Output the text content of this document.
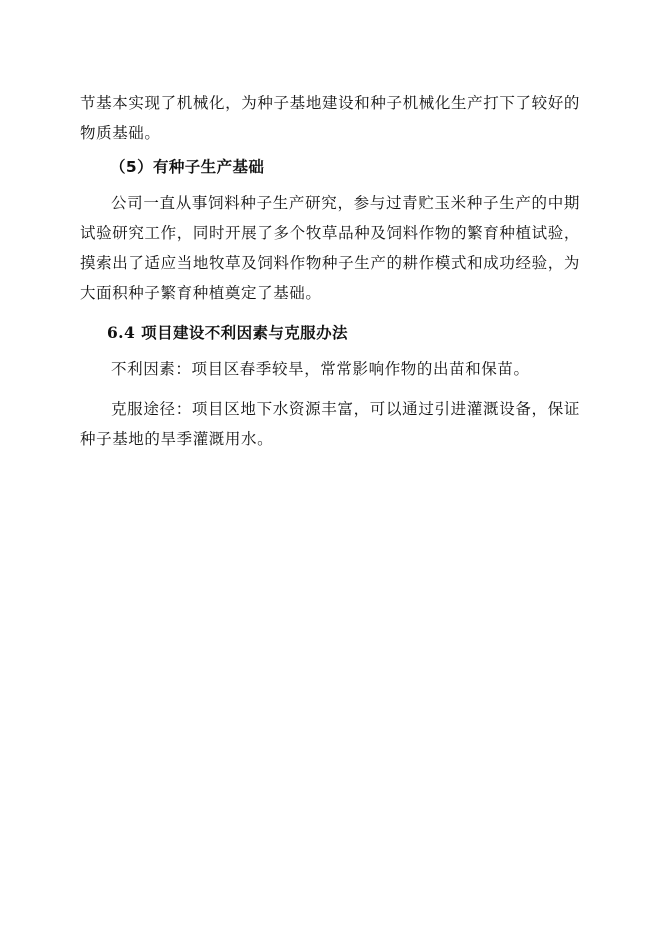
节基本实现了机械化，为种子基地建设和种子机械化生产打下了较好的物质基础。

（5）有种子生产基础

公司一直从事饲料种子生产研究，参与过青贮玉米种子生产的中期试验研究工作，同时开展了多个牧草品种及饲料作物的繁育种植试验，摸索出了适应当地牧草及饲料作物种子生产的耕作模式和成功经验，为大面积种子繁育种植奠定了基础。

6.4 项目建设不利因素与克服办法

不利因素：项目区春季较旱，常常影响作物的出苗和保苗。

克服途径：项目区地下水资源丰富，可以通过引进灌溉设备，保证种子基地的旱季灌溉用水。
